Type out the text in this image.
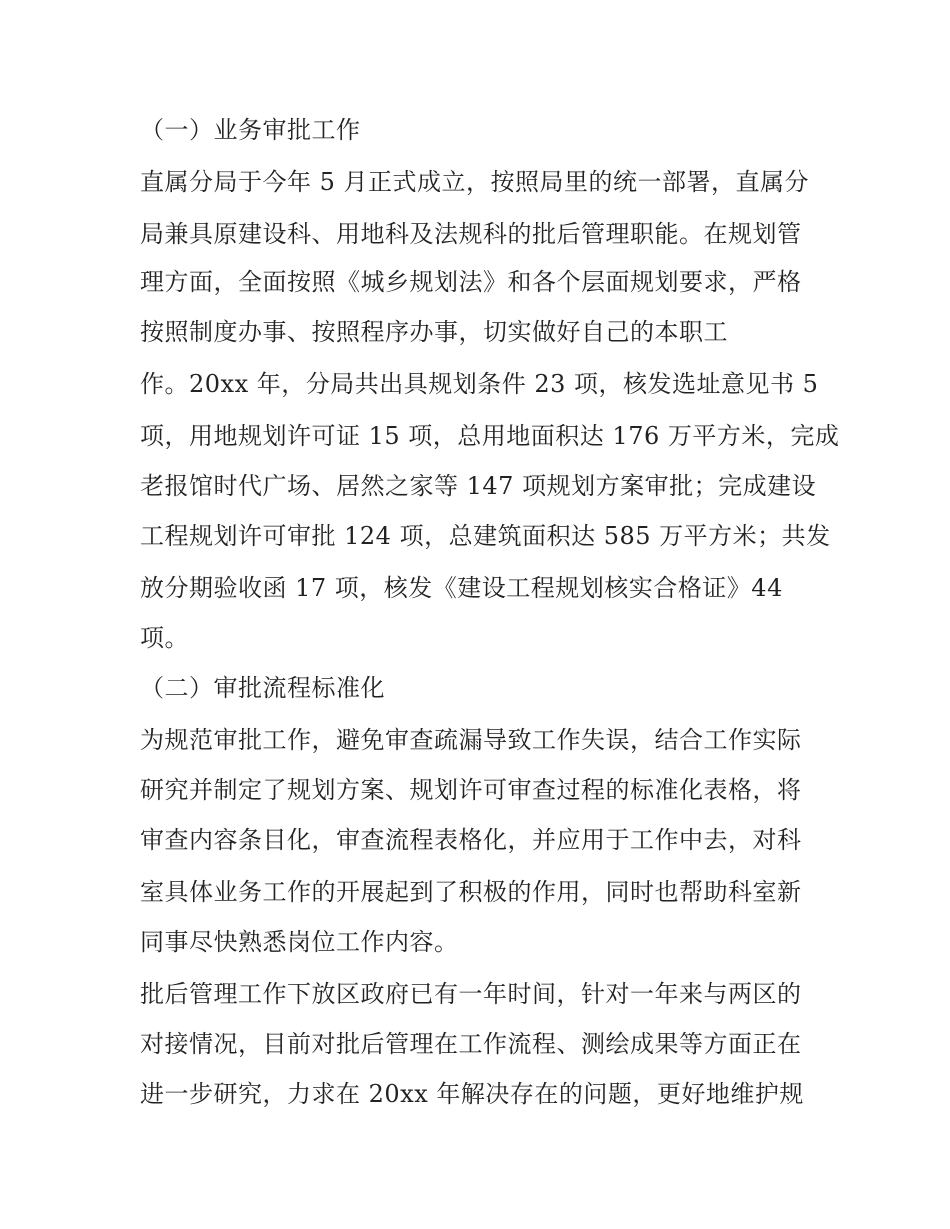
（一）业务审批工作
直属分局于今年 5 月正式成立，按照局里的统一部署，直属分
局兼具原建设科、用地科及法规科的批后管理职能。在规划管
理方面，全面按照《城乡规划法》和各个层面规划要求，严格
按照制度办事、按照程序办事，切实做好自己的本职工
作。20xx 年，分局共出具规划条件 23 项，核发选址意见书 5
项，用地规划许可证 15 项，总用地面积达 176 万平方米，完成
老报馆时代广场、居然之家等 147 项规划方案审批；完成建设
工程规划许可审批 124 项，总建筑面积达 585 万平方米；共发
放分期验收函 17 项，核发《建设工程规划核实合格证》44
项。
（二）审批流程标准化
为规范审批工作，避免审查疏漏导致工作失误，结合工作实际
研究并制定了规划方案、规划许可审查过程的标准化表格，将
审查内容条目化，审查流程表格化，并应用于工作中去，对科
室具体业务工作的开展起到了积极的作用，同时也帮助科室新
同事尽快熟悉岗位工作内容。
批后管理工作下放区政府已有一年时间，针对一年来与两区的
对接情况，目前对批后管理在工作流程、测绘成果等方面正在
进一步研究，力求在 20xx 年解决存在的问题，更好地维护规
